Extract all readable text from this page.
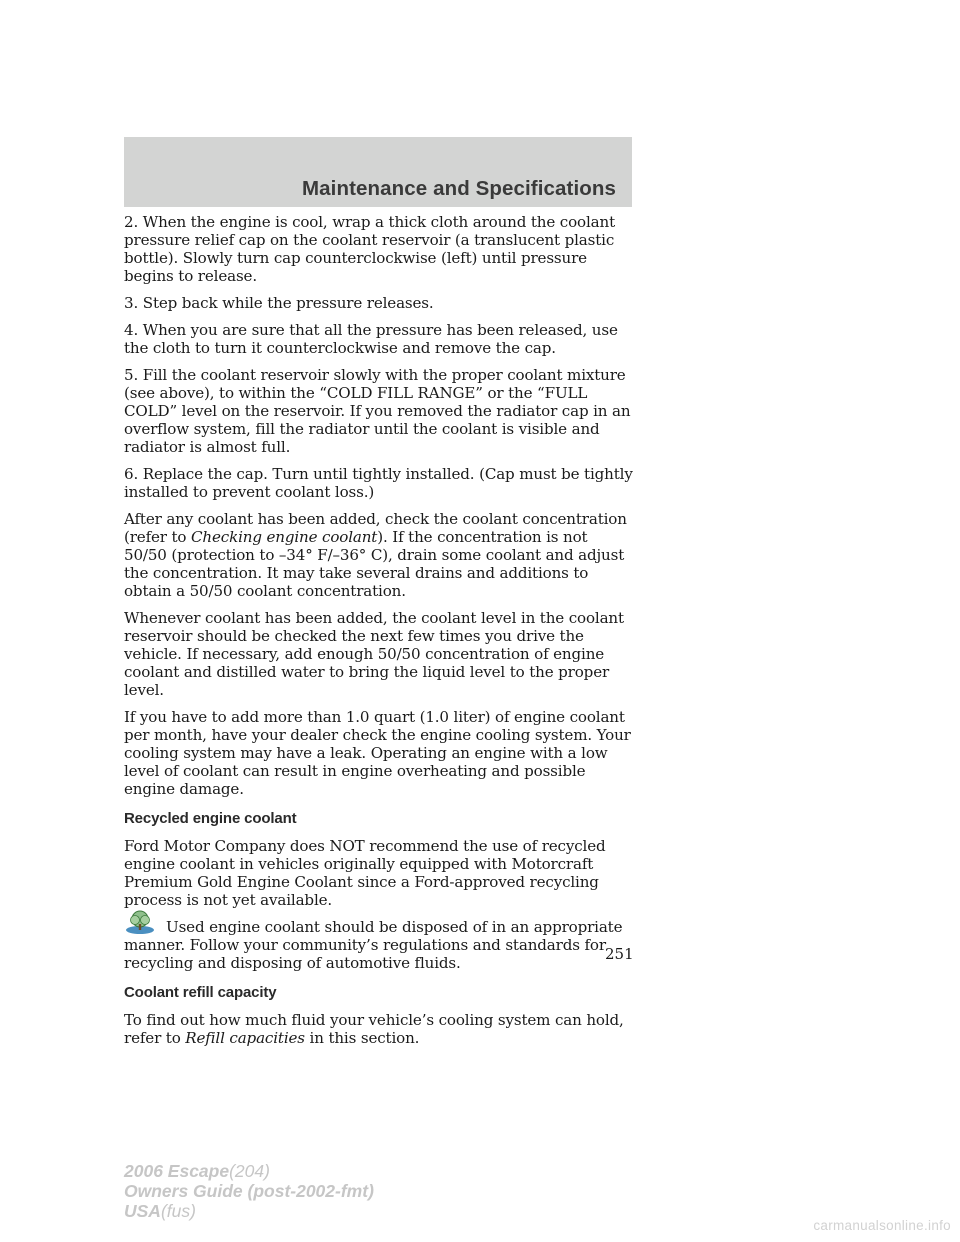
Maintenance and Specifications

2. When the engine is cool, wrap a thick cloth around the coolant pressure relief cap on the coolant reservoir (a translucent plastic bottle). Slowly turn cap counterclockwise (left) until pressure begins to release.

3. Step back while the pressure releases.

4. When you are sure that all the pressure has been released, use the cloth to turn it counterclockwise and remove the cap.

5. Fill the coolant reservoir slowly with the proper coolant mixture (see above), to within the “COLD FILL RANGE” or the “FULL COLD” level on the reservoir. If you removed the radiator cap in an overflow system, fill the radiator until the coolant is visible and radiator is almost full.

6. Replace the cap. Turn until tightly installed. (Cap must be tightly installed to prevent coolant loss.)

After any coolant has been added, check the coolant concentration (refer to Checking engine coolant). If the concentration is not 50/50 (protection to –34° F/–36° C), drain some coolant and adjust the concentration. It may take several drains and additions to obtain a 50/50 coolant concentration.

Whenever coolant has been added, the coolant level in the coolant reservoir should be checked the next few times you drive the vehicle. If necessary, add enough 50/50 concentration of engine coolant and distilled water to bring the liquid level to the proper level.

If you have to add more than 1.0 quart (1.0 liter) of engine coolant per month, have your dealer check the engine cooling system. Your cooling system may have a leak. Operating an engine with a low level of coolant can result in engine overheating and possible engine damage.

Recycled engine coolant

Ford Motor Company does NOT recommend the use of recycled engine coolant in vehicles originally equipped with Motorcraft Premium Gold Engine Coolant since a Ford-approved recycling process is not yet available.

Used engine coolant should be disposed of in an appropriate manner. Follow your community’s regulations and standards for recycling and disposing of automotive fluids.

Coolant refill capacity

To find out how much fluid your vehicle’s cooling system can hold, refer to Refill capacities in this section.

251
2006 Escape(204)
Owners Guide (post-2002-fmt)
USA(fus)
carmanualsonline.info
